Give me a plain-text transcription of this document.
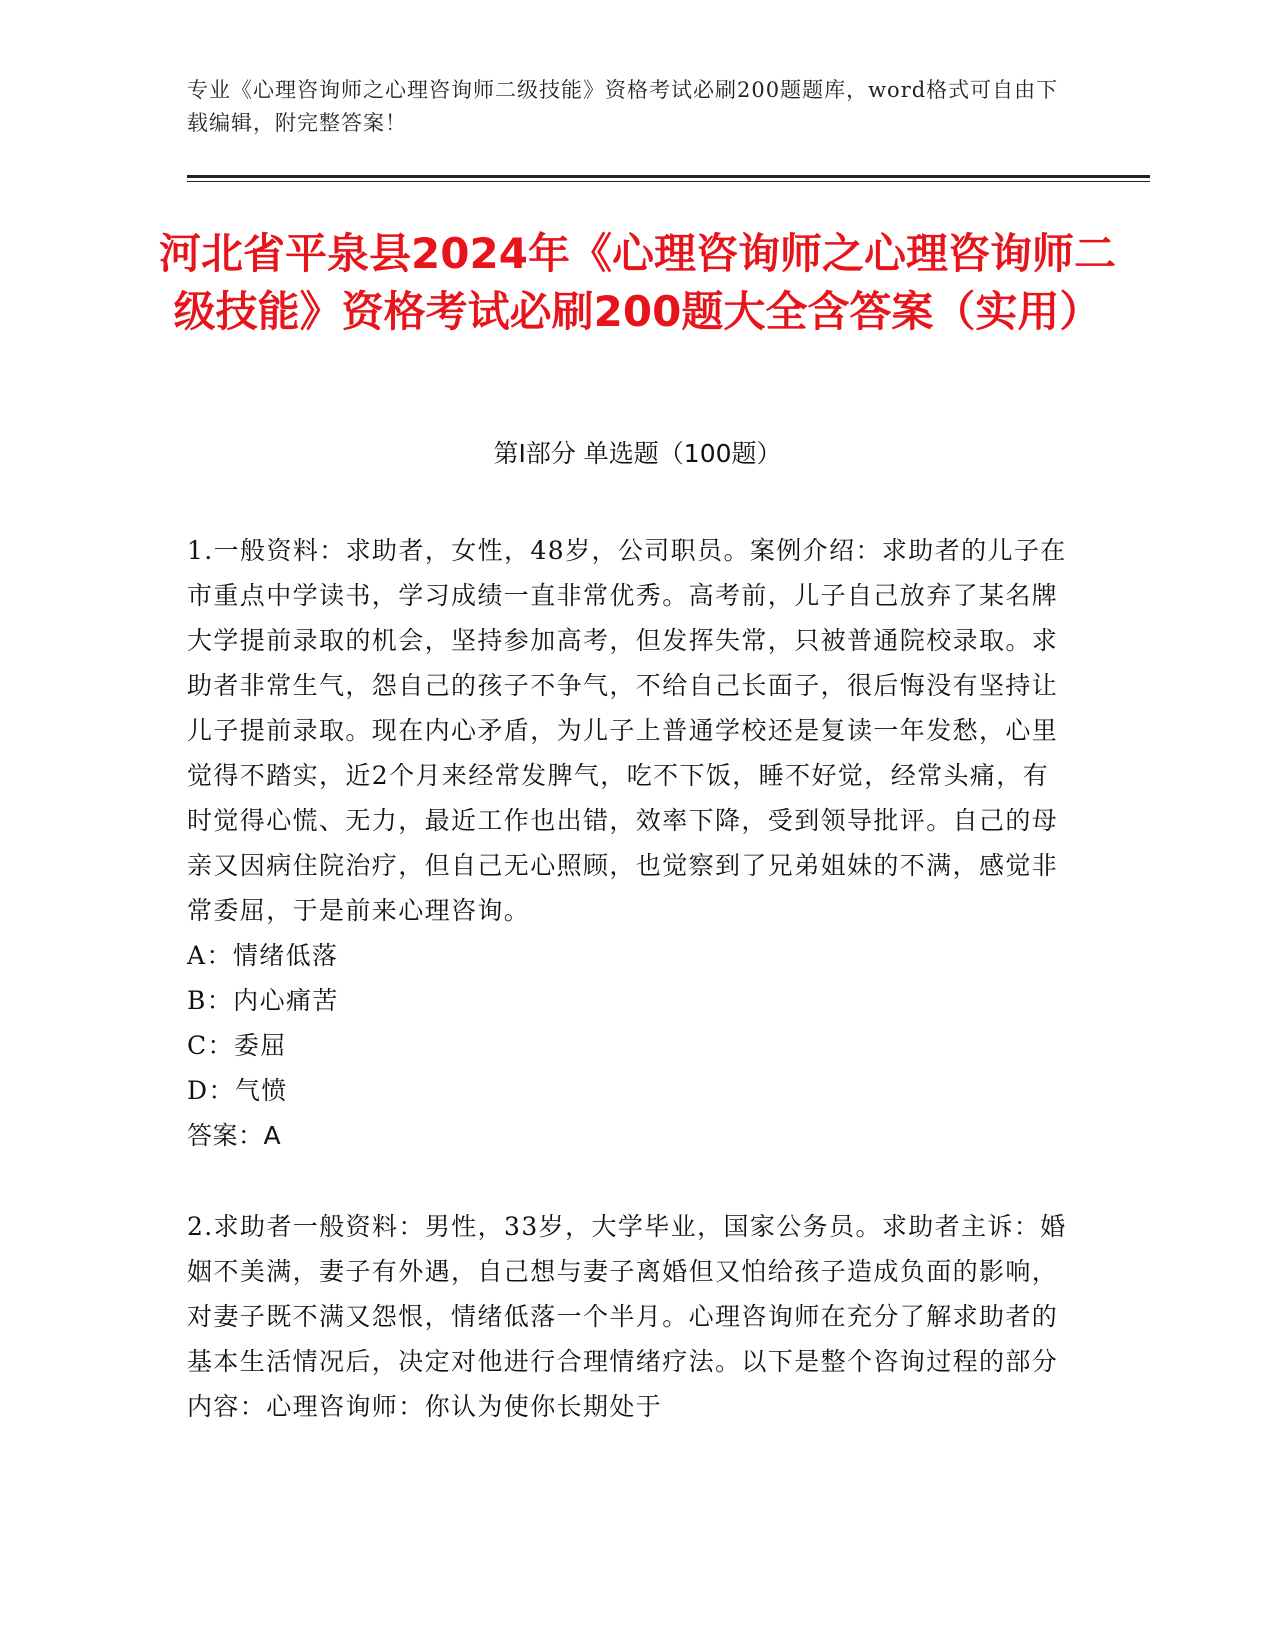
专业《心理咨询师之心理咨询师二级技能》资格考试必刷200题题库，word格式可自由下载编辑，附完整答案！
河北省平泉县2024年《心理咨询师之心理咨询师二级技能》资格考试必刷200题大全含答案（实用）
第Ⅰ部分 单选题（100题）

1.一般资料：求助者，女性，48岁，公司职员。案例介绍：求助者的儿子在市重点中学读书，学习成绩一直非常优秀。高考前，儿子自己放弃了某名牌大学提前录取的机会，坚持参加高考，但发挥失常，只被普通院校录取。求助者非常生气，怨自己的孩子不争气，不给自己长面子，很后悔没有坚持让儿子提前录取。现在内心矛盾，为儿子上普通学校还是复读一年发愁，心里觉得不踏实，近2个月来经常发脾气，吃不下饭，睡不好觉，经常头痛，有时觉得心慌、无力，最近工作也出错，效率下降，受到领导批评。自己的母亲又因病住院治疗，但自己无心照顾，也觉察到了兄弟姐妹的不满，感觉非常委屈，于是前来心理咨询。

A：情绪低落

B：内心痛苦

C：委屈

D：气愤

答案：A

2.求助者一般资料：男性，33岁，大学毕业，国家公务员。求助者主诉：婚姻不美满，妻子有外遇，自己想与妻子离婚但又怕给孩子造成负面的影响，对妻子既不满又怨恨，情绪低落一个半月。心理咨询师在充分了解求助者的基本生活情况后，决定对他进行合理情绪疗法。以下是整个咨询过程的部分内容：心理咨询师：你认为使你长期处于
